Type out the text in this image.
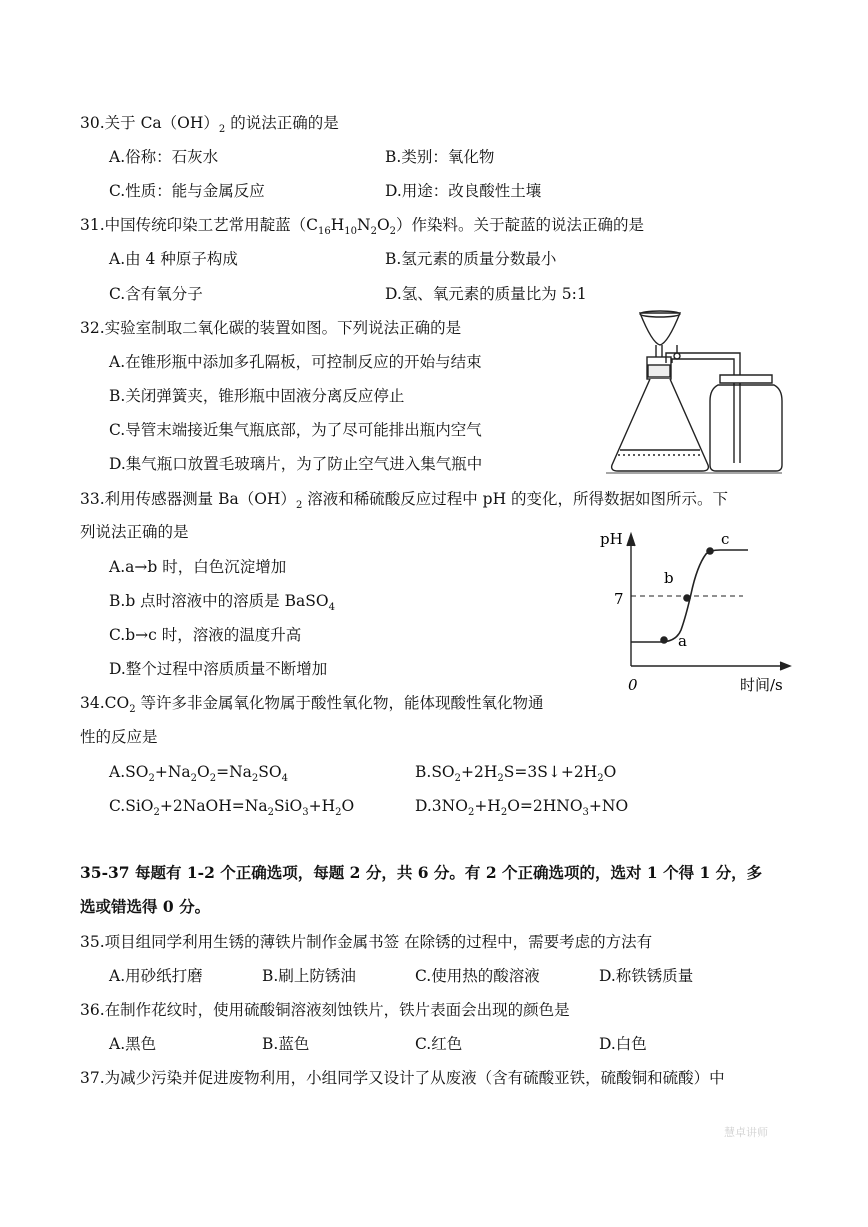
30.关于 $Ca(OH)_2$ 的说法正确的是
A.俗称：石灰水	B.类别：氧化物
C.性质：能与金属反应	D.用途：改良酸性土壤
31.中国传统印染工艺常用靛蓝$(C_{16}H_{10}N_2O_2)$作染料。关于靛蓝的说法正确的是
A.由 4 种原子构成	B.氢元素的质量分数最小
C.含有氧分子	D.氢、氧元素的质量比为 5:1
32.实验室制取二氧化碳的装置如图。下列说法正确的是
A.在锥形瓶中添加多孔隔板，可控制反应的开始与结束
B.关闭弹簧夹，锥形瓶中固液分离反应停止
C.导管末端接近集气瓶底部，为了尽可能排出瓶内空气
D.集气瓶口放置毛玻璃片，为了防止空气进入集气瓶中
33.利用传感器测量 $Ba(OH)_2$ 溶液和稀硫酸反应过程中 pH 的变化，所得数据如图所示。下
列说法正确的是
A.a→b 时，白色沉淀增加
B.b 点时溶液中的溶质是 BaSO$_4$
C.b→c 时，溶液的温度升高
D.整个过程中溶质质量不断增加
pH
7
0	时间/s
a
b
c
$34.CO_2$ 等许多非金属氧化物属于酸性氧化物，能体现酸性氧化物通
性的反应是
$A.SO_2+Na_2O_2=Na_2SO_4$	$B.SO_2+2H_2S=3S↓+2H_2O$
$C.SiO_2+2NaOH=Na_2SiO_3+H_2O$	$D.3NO_2+H_2O=2HNO_3+NO$
35-37 每题有 1-2 个正确选项，每题 2 分，共 6 分。有 2 个正确选项的，选对 1 个得 1 分，多
选或错选得 0 分。
35.项目组同学利用生锈的薄铁片制作金属书签 在除锈的过程中，需要考虑的方法有
A.用砂纸打磨	B.刷上防锈油	C.使用热的酸溶液	D.称铁锈质量
36.在制作花纹时，使用硫酸铜溶液刻蚀铁片，铁片表面会出现的颜色是
A.黑色	B.蓝色	C.红色	D.白色
37.为减少污染并促进废物利用，小组同学又设计了从废液（含有硫酸亚铁，硫酸铜和硫酸）中
慧卓讲师
